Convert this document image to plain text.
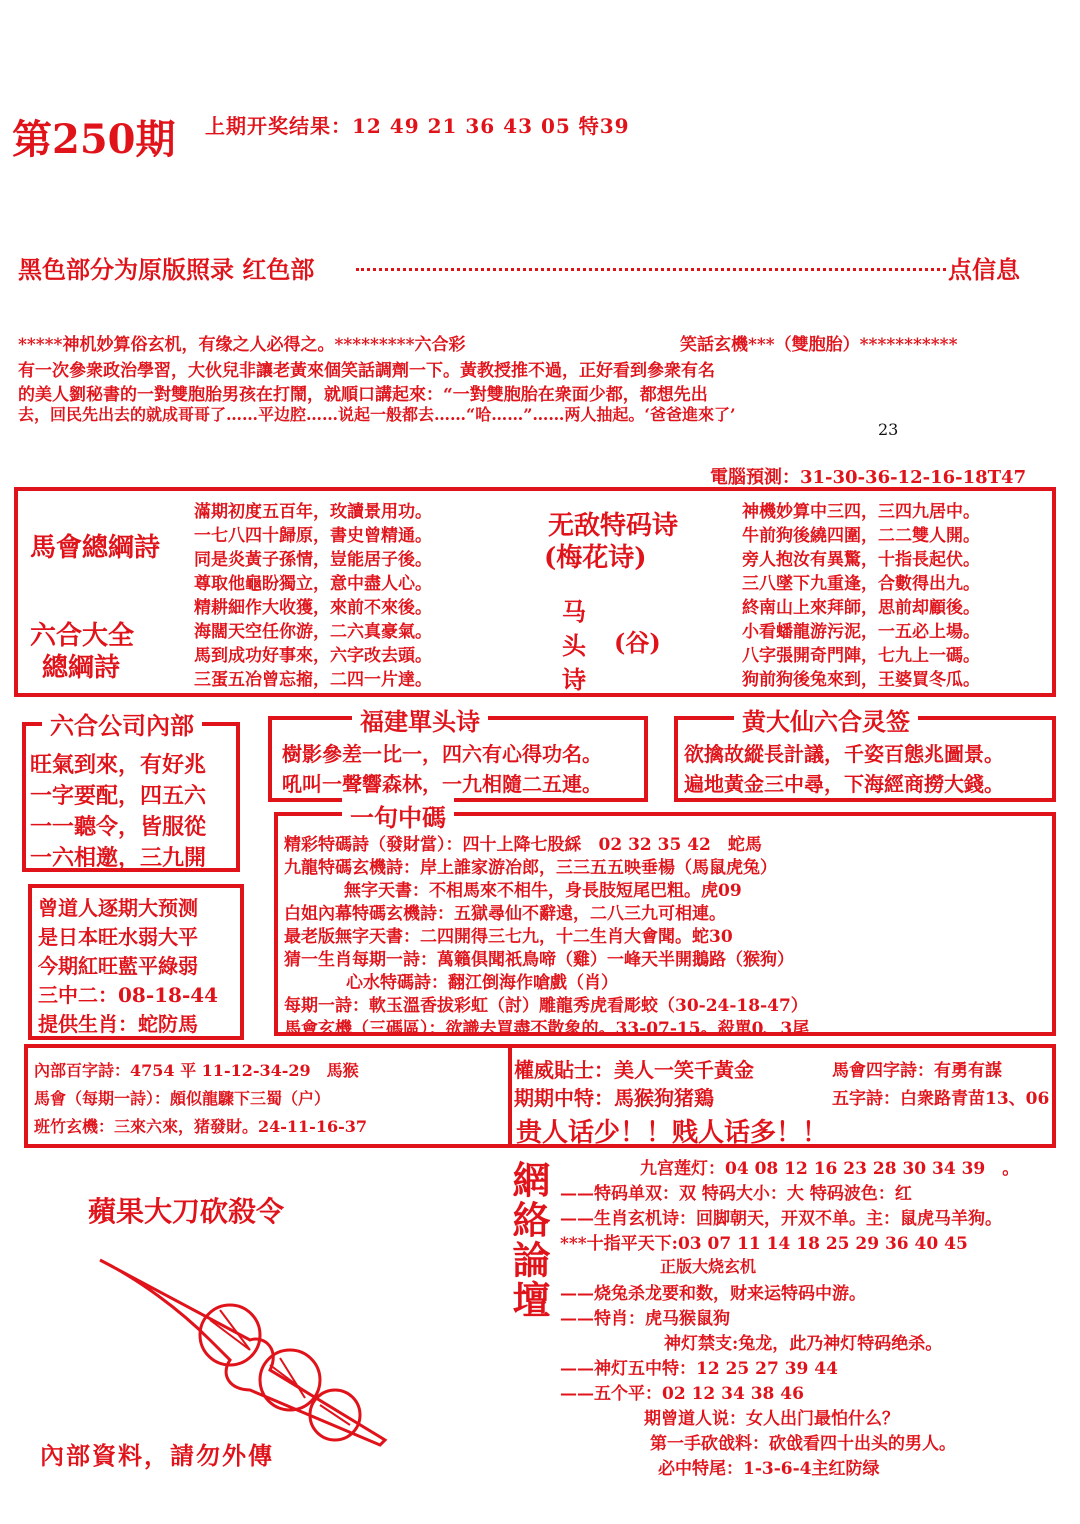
第250期 上期开奖结果：12 49 21 36 43 05 特39
黑色部分为原版照录 红色部	点信息
*****神机妙算俗玄机，有缘之人必得之。*********六合彩	笑話玄機***（雙胞胎）***********
有一次參衆政治學習，大伙兒非讓老黃來個笑話調劑一下。黃教授推不過，正好看到參衆有名
的美人劉秘書的一對雙胞胎男孩在打鬧，就順口講起來：“一對雙胞胎在衆面少都，都想先出
去，回民先出去的就成哥哥了……平边腔……说起一般都去……“哈……”……两人抽起。‘爸爸進來了’
23
電腦預測：31-30-36-12-16-18T47
馬會總綱詩
六合大全
總綱詩
滿期初度五百年，玫讀景用功。
一七八四十歸原，書史曾精通。
同是炎黃子孫情，豈能居子後。
尊取他龜盼獨立，意中盡人心。
精耕細作大收獲，來前不來後。
海闊天空任你游，二六真豪氣。
馬到成功好事來，六字改去頭。
三蛋五冶曾忘摍，二四一片達。
无敌特码诗
(梅花诗)
马头诗
(谷)
神機妙算中三四，三四九居中。
牛前狗後繞四圍，二二雙人開。
旁人抱汝有異驚，十指長起伏。
三八墜下九重逢，合數得出九。
終南山上來拜師，思前却顧後。
小看蟠龍游污泥，一五必上場。
八字張開奇門陣，七九上一碼。
狗前狗後兔來到，王婆買冬瓜。
六合公司內部
旺氣到來，有好兆
一字要配，四五六
一一聽令，皆服從
一六相邀，三九開
福建單头诗
樹影參差一比一，四六有心得功名。
吼叫一聲響森林，一九相隨二五連。
黄大仙六合灵签
欲擒故縱長計議，千姿百態兆圖景。
遍地黃金三中尋，下海經商撈大錢。
曾道人逐期大预测
是日本旺水弱大平
今期紅旺藍平綠弱
三中二：08-18-44
提供生肖：蛇防馬
一句中碼
精彩特碼詩（發財當）：四十上降七股綵　02 32 35 42　蛇馬
九龍特碼玄機詩：岸上誰家游冶郎，三三五五映垂楊（馬鼠虎兔）
無字天書：不相馬來不相牛，身長肢短尾巴粗。虎09
白姐內幕特碼玄機詩：五獄尋仙不辭遠，二八三九可相連。
最老版無字天書：二四開得三七九，十二生肖大會聞。蛇30
猜一生肖每期一詩：萬籟俱聞祇鳥啼（雞）一峰天半開鵝路（猴狗）
心水特碼詩：翻江倒海作嗆戲（肖）
每期一詩：軟玉溫香拔彩虹（討）雕龍秀虎看彫蛟（30-24-18-47）
馬會玄機（三碼區）：欲識去買盡不散象的。33-07-15。殺單0、3尾
內部百字詩：4754 平 11-12-34-29　馬猴
馬會（每期一詩）：頗似龍驟下三蜀（户）
班竹玄機：三來六來，猪發財。24-11-16-37
權威貼士：美人一笑千黃金	馬會四字詩：有勇有謀
期期中特：馬猴狗猪鶏	五字詩：白衆路青苗13、06
贵人话少！！贱人话多！！
蘋果大刀砍殺令
內部資料，請勿外傳
網絡論壇	九宫莲灯：04 08 12 16 23 28 30 34 39　。
——特码单双：双 特码大小：大 特码波色：红
——生肖玄机诗：回脚朝天，开双不单。主：鼠虎马羊狗。
***十指平天下:03 07 11 14 18 25 29 36 40 45
正版大烧玄机
——烧兔杀龙要和数，财来运特码中游。
——特肖：虎马猴鼠狗
神灯禁支:兔龙，此乃神灯特码绝杀。
——神灯五中特：12 25 27 39 44
——五个平：02 12 34 38 46
期曾道人说：女人出门最怕什么？
第一手砍戗料：砍戗看四十出头的男人。
必中特尾：1-3-6-4主红防绿
